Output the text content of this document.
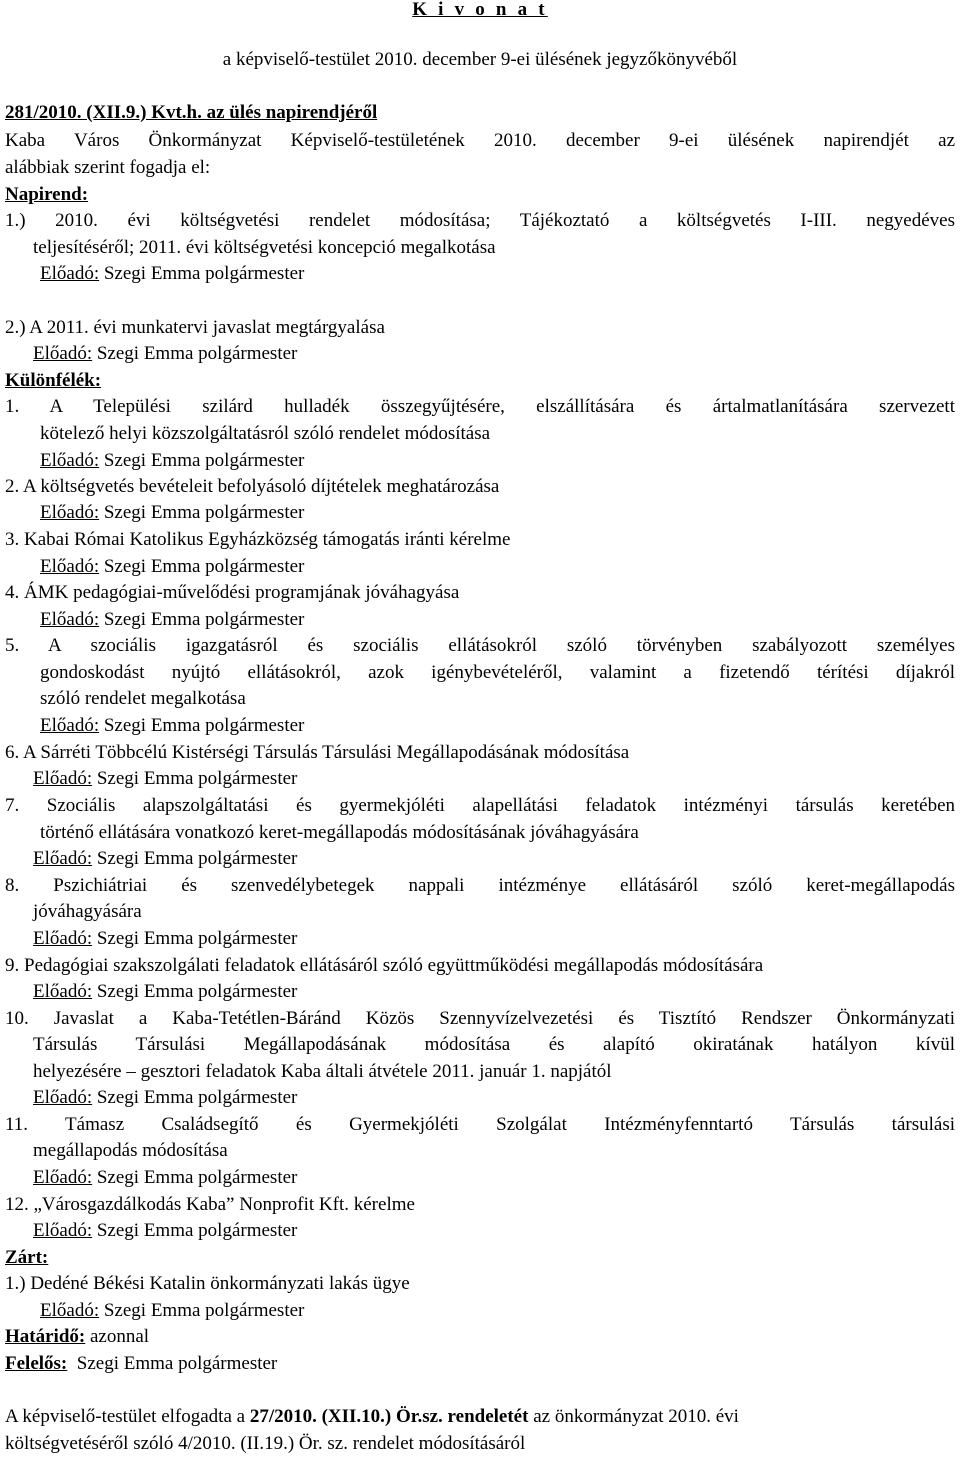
K i v o n a t
a képviselő-testület 2010. december 9-ei ülésének jegyzőkönyvéből
281/2010. (XII.9.) Kvt.h. az ülés napirendjéről
Kaba Város Önkormányzat Képviselő-testületének 2010. december 9-ei ülésének napirendjét az
alábbiak szerint fogadja el:
Napirend:
1.) 2010. évi költségvetési rendelet módosítása; Tájékoztató a költségvetés I-III. negyedéves
teljesítéséről; 2011. évi költségvetési koncepció megalkotása
Előadó: Szegi Emma polgármester
2.) A 2011. évi munkatervi javaslat megtárgyalása
Előadó: Szegi Emma polgármester
Különfélék:
1. A Települési szilárd hulladék összegyűjtésére, elszállítására és ártalmatlanítására szervezett
kötelező helyi közszolgáltatásról szóló rendelet módosítása
Előadó: Szegi Emma polgármester
2. A költségvetés bevételeit befolyásoló díjtételek meghatározása
Előadó: Szegi Emma polgármester
3. Kabai Római Katolikus Egyházközség támogatás iránti kérelme
Előadó: Szegi Emma polgármester
4. ÁMK pedagógiai-művelődési programjának jóváhagyása
Előadó: Szegi Emma polgármester
5. A szociális igazgatásról és szociális ellátásokról szóló törvényben szabályozott személyes
gondoskodást nyújtó ellátásokról, azok igénybevételéről, valamint a fizetendő térítési díjakról
szóló rendelet megalkotása
Előadó: Szegi Emma polgármester
6. A Sárréti Többcélú Kistérségi Társulás Társulási Megállapodásának módosítása
Előadó: Szegi Emma polgármester
7. Szociális alapszolgáltatási és gyermekjóléti alapellátási feladatok intézményi társulás keretében
történő ellátására vonatkozó keret-megállapodás módosításának jóváhagyására
Előadó: Szegi Emma polgármester
8. Pszichiátriai és szenvedélybetegek nappali intézménye ellátásáról szóló keret-megállapodás
jóváhagyására
Előadó: Szegi Emma polgármester
9. Pedagógiai szakszolgálati feladatok ellátásáról szóló együttműködési megállapodás módosítására
Előadó: Szegi Emma polgármester
10. Javaslat a Kaba-Tetétlen-Báránd Közös Szennyvízelvezetési és Tisztító Rendszer Önkormányzati
Társulás Társulási Megállapodásának módosítása és alapító okiratának hatályon kívül
helyezésére – gesztori feladatok Kaba általi átvétele 2011. január 1. napjától
Előadó: Szegi Emma polgármester
11. Támasz Családsegítő és Gyermekjóléti Szolgálat Intézményfenntartó Társulás társulási
megállapodás módosítása
Előadó: Szegi Emma polgármester
12. „Városgazdálkodás Kaba” Nonprofit Kft. kérelme
Előadó: Szegi Emma polgármester
Zárt:
1.) Dedéné Békési Katalin önkormányzati lakás ügye
Előadó: Szegi Emma polgármester
Határidő: azonnal
Felelős:  Szegi Emma polgármester
A képviselő-testület elfogadta a 27/2010. (XII.10.) Ör.sz. rendeletét az önkormányzat 2010. évi
költségvetéséről szóló 4/2010. (II.19.) Ör. sz. rendelet módosításáról
